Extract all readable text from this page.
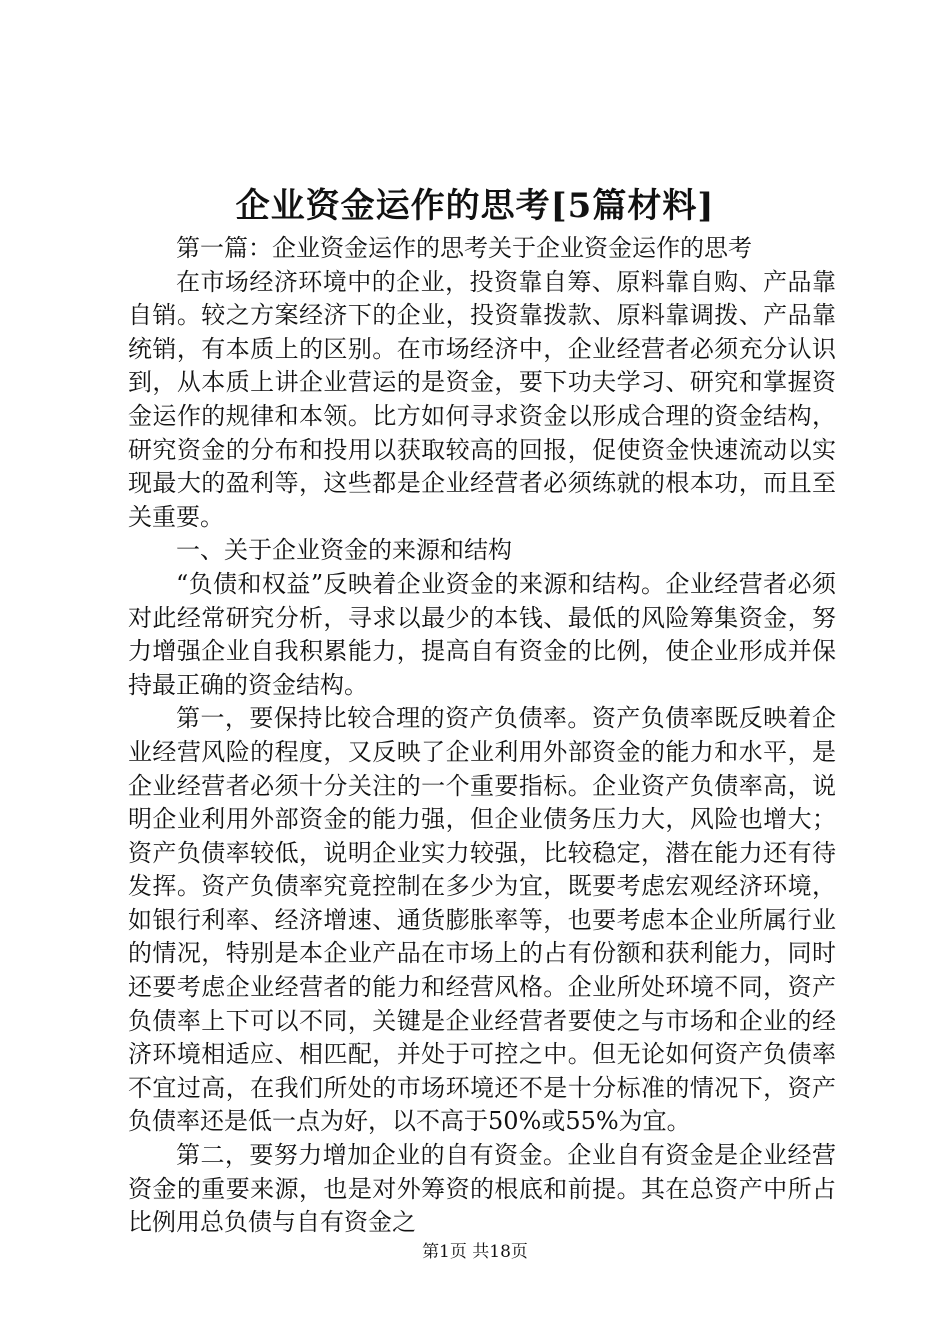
企业资金运作的思考[5篇材料]

第一篇：企业资金运作的思考关于企业资金运作的思考

在市场经济环境中的企业，投资靠自筹、原料靠自购、产品靠自销。较之方案经济下的企业，投资靠拨款、原料靠调拨、产品靠统销，有本质上的区别。在市场经济中，企业经营者必须充分认识到，从本质上讲企业营运的是资金，要下功夫学习、研究和掌握资金运作的规律和本领。比方如何寻求资金以形成合理的资金结构，研究资金的分布和投用以获取较高的回报，促使资金快速流动以实现最大的盈利等，这些都是企业经营者必须练就的根本功，而且至关重要。

一、关于企业资金的来源和结构

“负债和权益”反映着企业资金的来源和结构。企业经营者必须对此经常研究分析，寻求以最少的本钱、最低的风险筹集资金，努力增强企业自我积累能力，提高自有资金的比例，使企业形成并保持最正确的资金结构。

第一，要保持比较合理的资产负债率。资产负债率既反映着企业经营风险的程度，又反映了企业利用外部资金的能力和水平，是企业经营者必须十分关注的一个重要指标。企业资产负债率高，说明企业利用外部资金的能力强，但企业债务压力大，风险也增大；资产负债率较低，说明企业实力较强，比较稳定，潜在能力还有待发挥。资产负债率究竟控制在多少为宜，既要考虑宏观经济环境，如银行利率、经济增速、通货膨胀率等，也要考虑本企业所属行业的情况，特别是本企业产品在市场上的占有份额和获利能力，同时还要考虑企业经营者的能力和经营风格。企业所处环境不同，资产负债率上下可以不同，关键是企业经营者要使之与市场和企业的经济环境相适应、相匹配，并处于可控之中。但无论如何资产负债率不宜过高，在我们所处的市场环境还不是十分标准的情况下，资产负债率还是低一点为好，以不高于50%或55%为宜。

第二，要努力增加企业的自有资金。企业自有资金是企业经营资金的重要来源，也是对外筹资的根底和前提。其在总资产中所占比例用总负债与自有资金之

第1页 共18页
